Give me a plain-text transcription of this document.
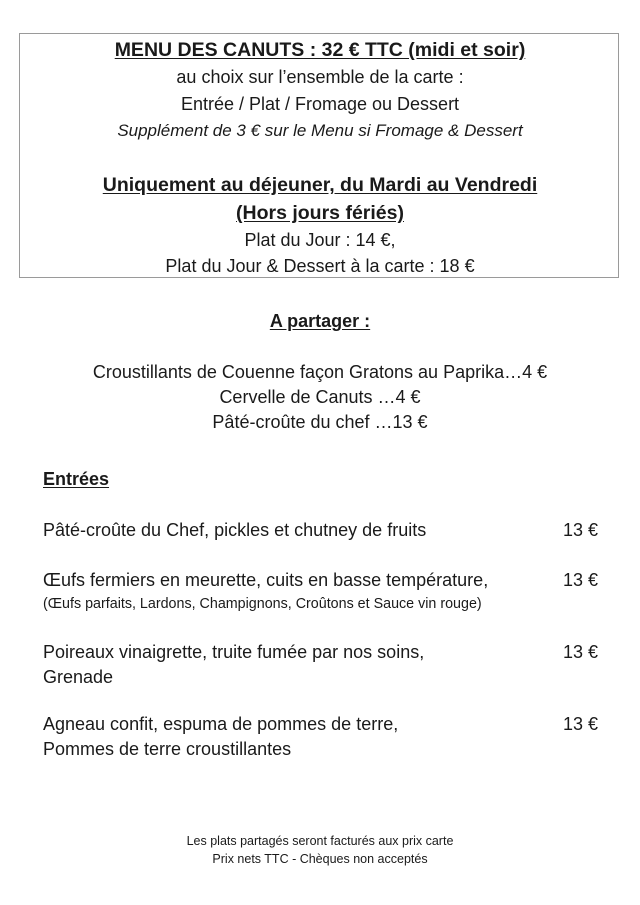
MENU DES CANUTS : 32 € TTC (midi et soir)
au choix sur l’ensemble de la carte :
Entrée / Plat / Fromage ou Dessert
Supplément de 3 € sur le Menu si Fromage & Dessert
Uniquement au déjeuner, du Mardi au Vendredi
(Hors jours fériés)
Plat du Jour : 14 €,
Plat du Jour & Dessert à la carte : 18 €
A partager :
Croustillants de Couenne façon Gratons au Paprika…4 €
Cervelle de Canuts …4 €
Pâté-croûte du chef …13 €
Entrées
Pâté-croûte du Chef, pickles et chutney de fruits	13 €
Œufs fermiers en meurette, cuits en basse température,	13 €
(Œufs parfaits, Lardons, Champignons, Croûtons et Sauce vin rouge)
Poireaux vinaigrette, truite fumée par nos soins,	13 €
Grenade
Agneau confit, espuma de pommes de terre,	13 €
Pommes de terre croustillantes
Les plats partagés seront facturés aux prix carte
Prix nets TTC - Chèques non acceptés
